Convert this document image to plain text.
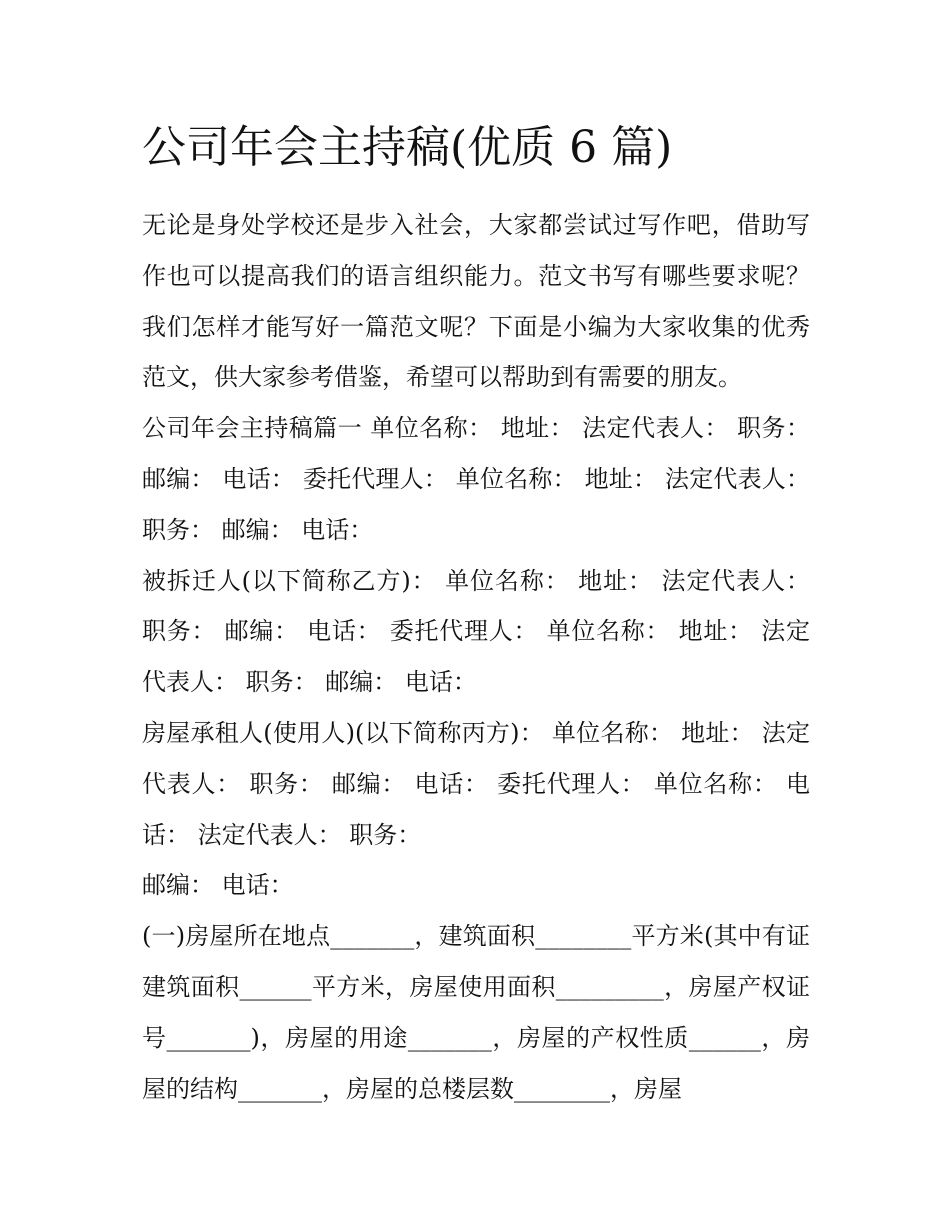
公司年会主持稿(优质 6 篇)

无论是身处学校还是步入社会，大家都尝试过写作吧，借助写作也可以提高我们的语言组织能力。范文书写有哪些要求呢？我们怎样才能写好一篇范文呢？下面是小编为大家收集的优秀范文，供大家参考借鉴，希望可以帮助到有需要的朋友。

公司年会主持稿篇一 单位名称： 地址： 法定代表人： 职务： 邮编： 电话： 委托代理人： 单位名称： 地址： 法定代表人： 职务： 邮编： 电话：

被拆迁人(以下简称乙方)： 单位名称： 地址： 法定代表人： 职务： 邮编： 电话： 委托代理人： 单位名称： 地址： 法定代表人： 职务： 邮编： 电话：

房屋承租人(使用人)(以下简称丙方)： 单位名称： 地址： 法定代表人： 职务： 邮编： 电话： 委托代理人： 单位名称： 电话： 法定代表人： 职务：

邮编： 电话：

(一)房屋所在地点_______，建筑面积________平方米(其中有证建筑面积______平方米，房屋使用面积_________，房屋产权证号_______)，房屋的用途_______，房屋的产权性质______，房屋的结构_______，房屋的总楼层数________，房屋
